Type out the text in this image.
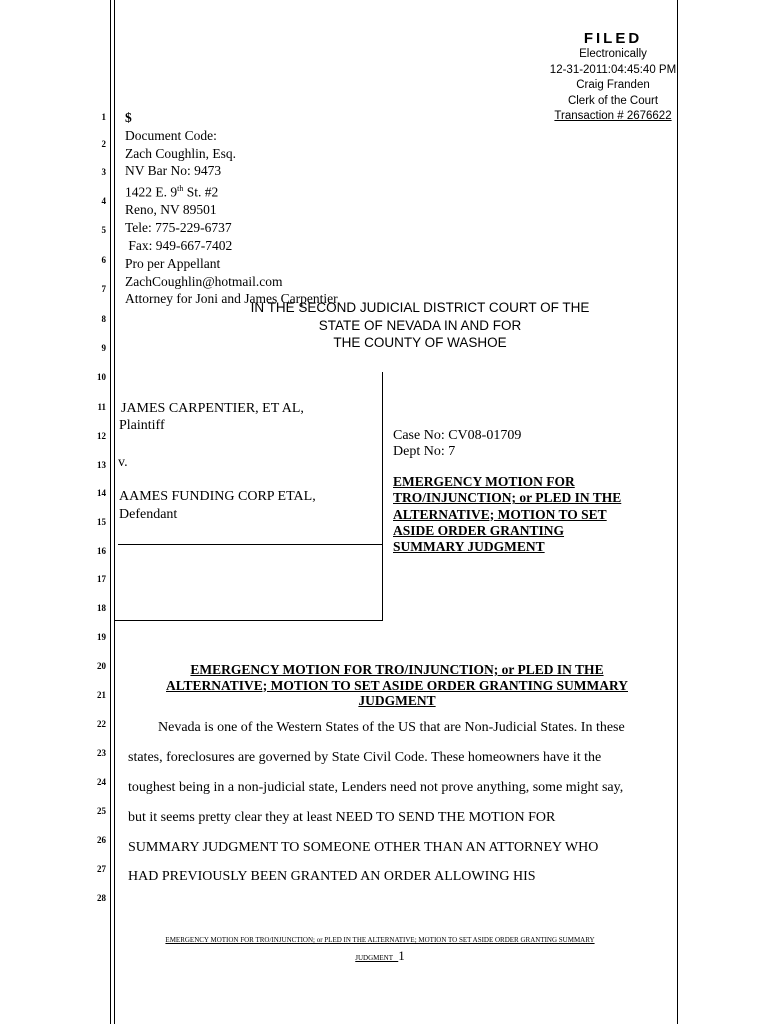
FILED
Electronically
12-31-2011:04:45:40 PM
Craig Franden
Clerk of the Court
Transaction # 2676622
1
2
3
4
5
6
7
8
9
10
11
12
13
14
15
16
17
18
19
20
21
22
23
24
25
26
27
28
$
Document Code:
Zach Coughlin, Esq.
NV Bar No: 9473
1422 E. 9th St. #2
Reno, NV 89501
Tele: 775-229-6737
Fax: 949-667-7402
Pro per Appellant
ZachCoughlin@hotmail.com
Attorney for Joni and James Carpentier
IN THE SECOND JUDICIAL DISTRICT COURT OF THE
STATE OF NEVADA IN AND FOR
THE COUNTY OF WASHOE
JAMES CARPENTIER, ET AL,
Plaintiff
v.
AAMES FUNDING CORP ETAL,
Defendant
Case No: CV08-01709
Dept No: 7
EMERGENCY MOTION FOR
TRO/INJUNCTION; or PLED IN THE
ALTERNATIVE; MOTION TO SET
ASIDE ORDER GRANTING
SUMMARY JUDGMENT
EMERGENCY MOTION FOR TRO/INJUNCTION; or PLED IN THE
ALTERNATIVE; MOTION TO SET ASIDE ORDER GRANTING SUMMARY
JUDGMENT
Nevada is one of the Western States of the US that are Non-Judicial States. In these
states, foreclosures are governed by State Civil Code. These homeowners have it the
toughest being in a non-judicial state, Lenders need not prove anything, some might say,
but it seems pretty clear they at least NEED TO SEND THE MOTION FOR
SUMMARY JUDGMENT TO SOMEONE OTHER THAN AN ATTORNEY WHO
HAD PREVIOUSLY BEEN GRANTED AN ORDER ALLOWING HIS
EMERGENCY MOTION FOR TRO/INJUNCTION; or PLED IN THE ALTERNATIVE; MOTION TO SET ASIDE ORDER GRANTING SUMMARY
JUDGMENT 1
